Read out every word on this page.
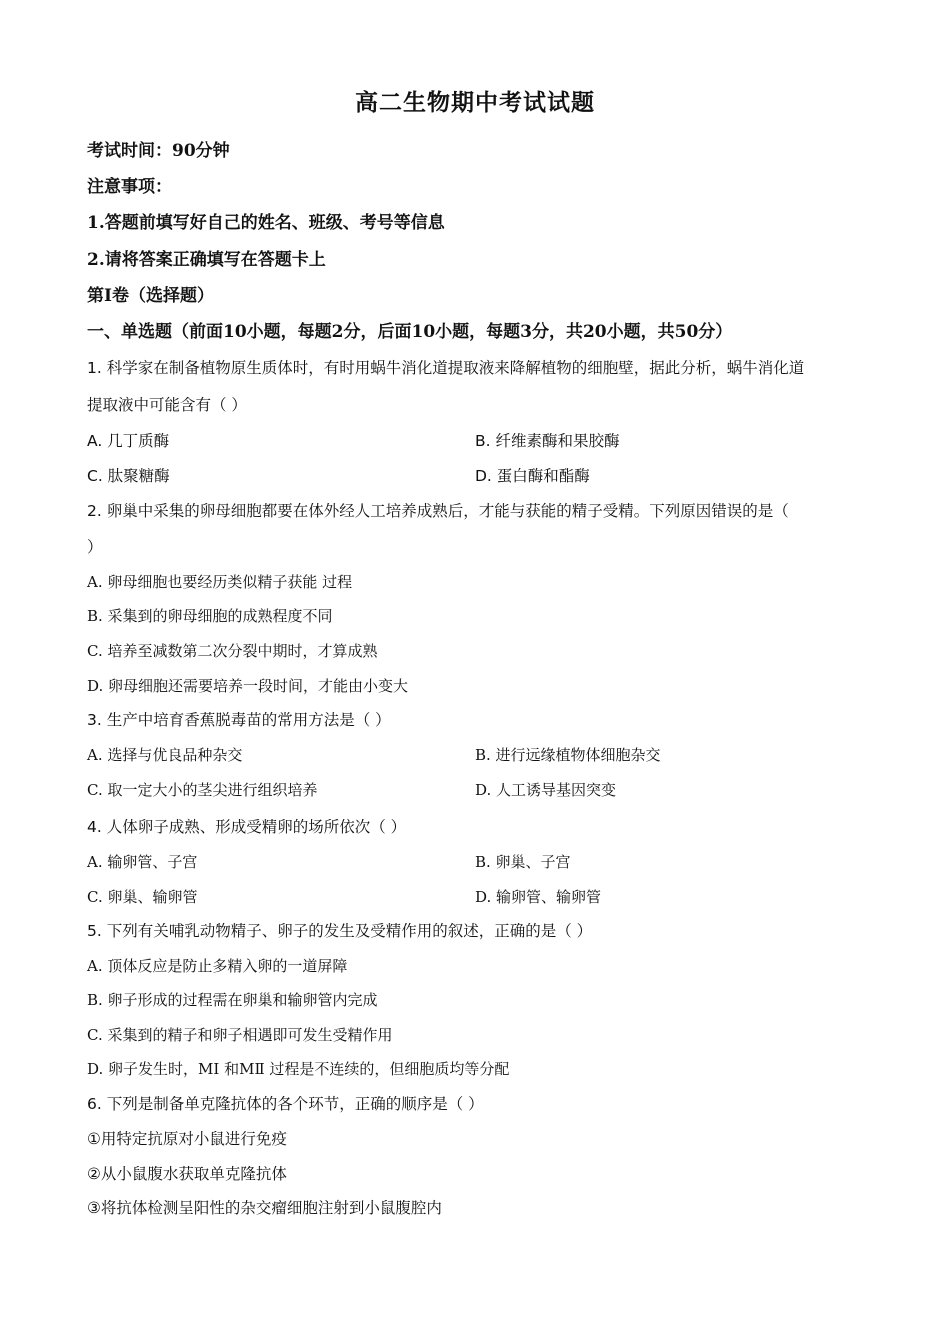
高二生物期中考试试题
考试时间：90分钟
注意事项：
1.答题前填写好自己的姓名、班级、考号等信息
2.请将答案正确填写在答题卡上
第I卷（选择题）
一、单选题（前面10小题，每题2分，后面10小题，每题3分，共20小题，共50分）
1. 科学家在制备植物原生质体时，有时用蜗牛消化道提取液来降解植物的细胞壁，据此分析，蜗牛消化道
提取液中可能含有（ ）
A. 几丁质酶	B. 纤维素酶和果胶酶
C. 肽聚糖酶	D. 蛋白酶和酯酶
2. 卵巢中采集的卵母细胞都要在体外经人工培养成熟后，才能与获能的精子受精。下列原因错误的是（
）
A. 卵母细胞也要经历类似精子获能 过程
B. 采集到的卵母细胞的成熟程度不同
C. 培养至减数第二次分裂中期时，才算成熟
D. 卵母细胞还需要培养一段时间，才能由小变大
3. 生产中培育香蕉脱毒苗的常用方法是（ ）
A. 选择与优良品种杂交	B. 进行远缘植物体细胞杂交
C. 取一定大小的茎尖进行组织培养	D. 人工诱导基因突变
4. 人体卵子成熟、形成受精卵的场所依次（ ）
A. 输卵管、子宫	B. 卵巢、子宫
C. 卵巢、输卵管	D. 输卵管、输卵管
5. 下列有关哺乳动物精子、卵子的发生及受精作用的叙述，正确的是（ ）
A. 顶体反应是防止多精入卵的一道屏障
B. 卵子形成的过程需在卵巢和输卵管内完成
C. 采集到的精子和卵子相遇即可发生受精作用
D. 卵子发生时，MⅠ 和MⅡ 过程是不连续的，但细胞质均等分配
6. 下列是制备单克隆抗体的各个环节，正确的顺序是（ ）
①用特定抗原对小鼠进行免疫
②从小鼠腹水获取单克隆抗体
③将抗体检测呈阳性的杂交瘤细胞注射到小鼠腹腔内
